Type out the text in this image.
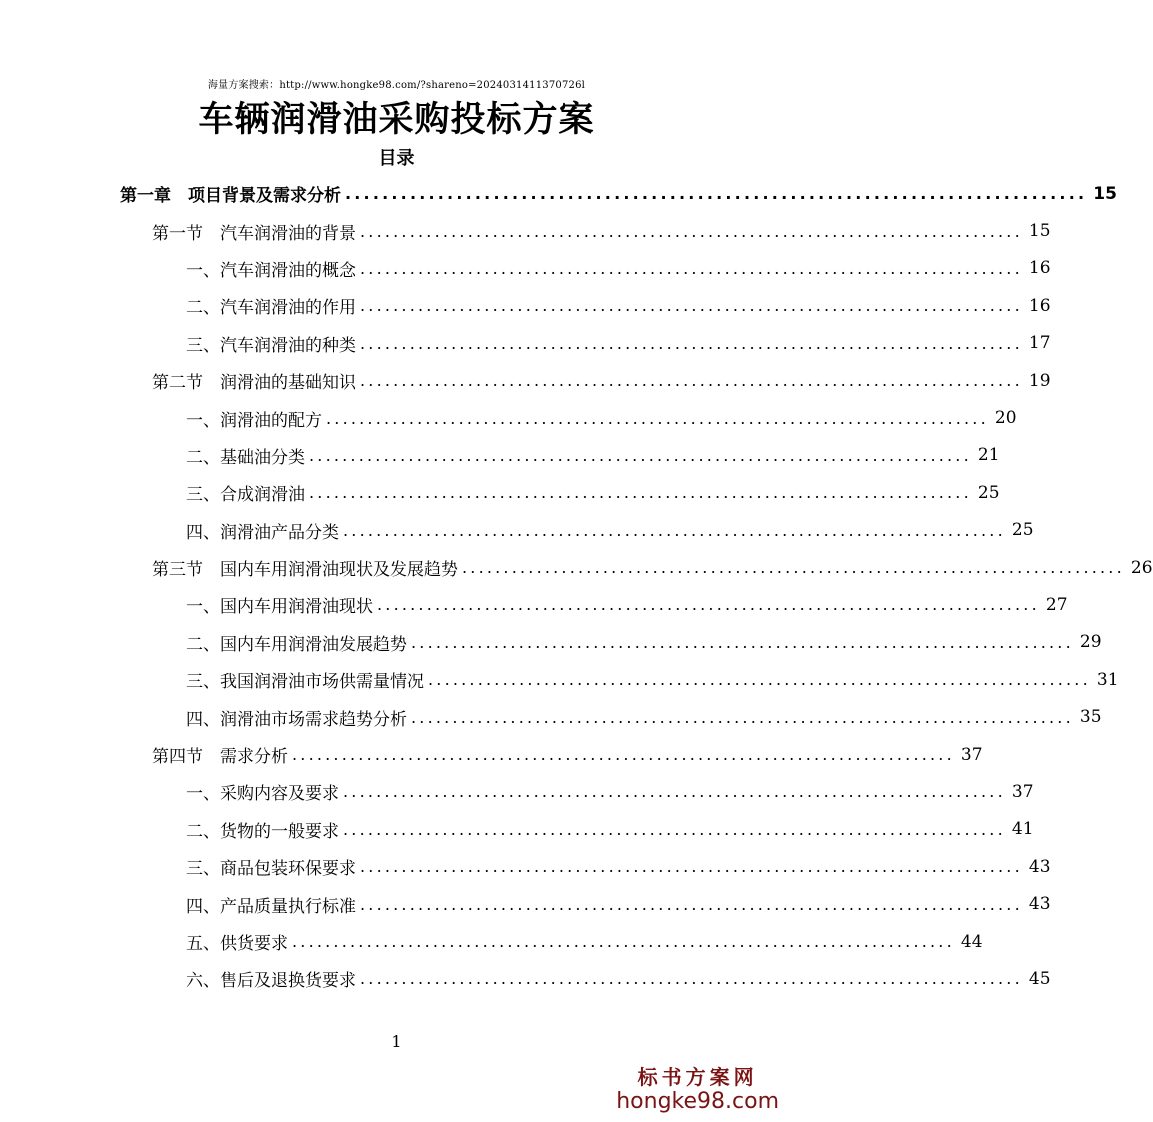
海量方案搜索：http://www.hongke98.com/?shareno=2024031411370726l
车辆润滑油采购投标方案
目录
第一章　项目背景及需求分析 ................................................................................ 15
第一节　汽车润滑油的背景 ................................................................................ 15
一、汽车润滑油的概念 ................................................................................ 16
二、汽车润滑油的作用 ................................................................................ 16
三、汽车润滑油的种类 ................................................................................ 17
第二节　润滑油的基础知识 ................................................................................ 19
一、润滑油的配方 ................................................................................ 20
二、基础油分类 ................................................................................ 21
三、合成润滑油 ................................................................................ 25
四、润滑油产品分类 ................................................................................ 25
第三节　国内车用润滑油现状及发展趋势 ................................................................................ 26
一、国内车用润滑油现状 ................................................................................ 27
二、国内车用润滑油发展趋势 ................................................................................ 29
三、我国润滑油市场供需量情况 ................................................................................ 31
四、润滑油市场需求趋势分析 ................................................................................ 35
第四节　需求分析 ................................................................................ 37
一、采购内容及要求 ................................................................................ 37
二、货物的一般要求 ................................................................................ 41
三、商品包装环保要求 ................................................................................ 43
四、产品质量执行标准 ................................................................................ 43
五、供货要求 ................................................................................ 44
六、售后及退换货要求 ................................................................................ 45
1
标书方案网
hongke98.com
